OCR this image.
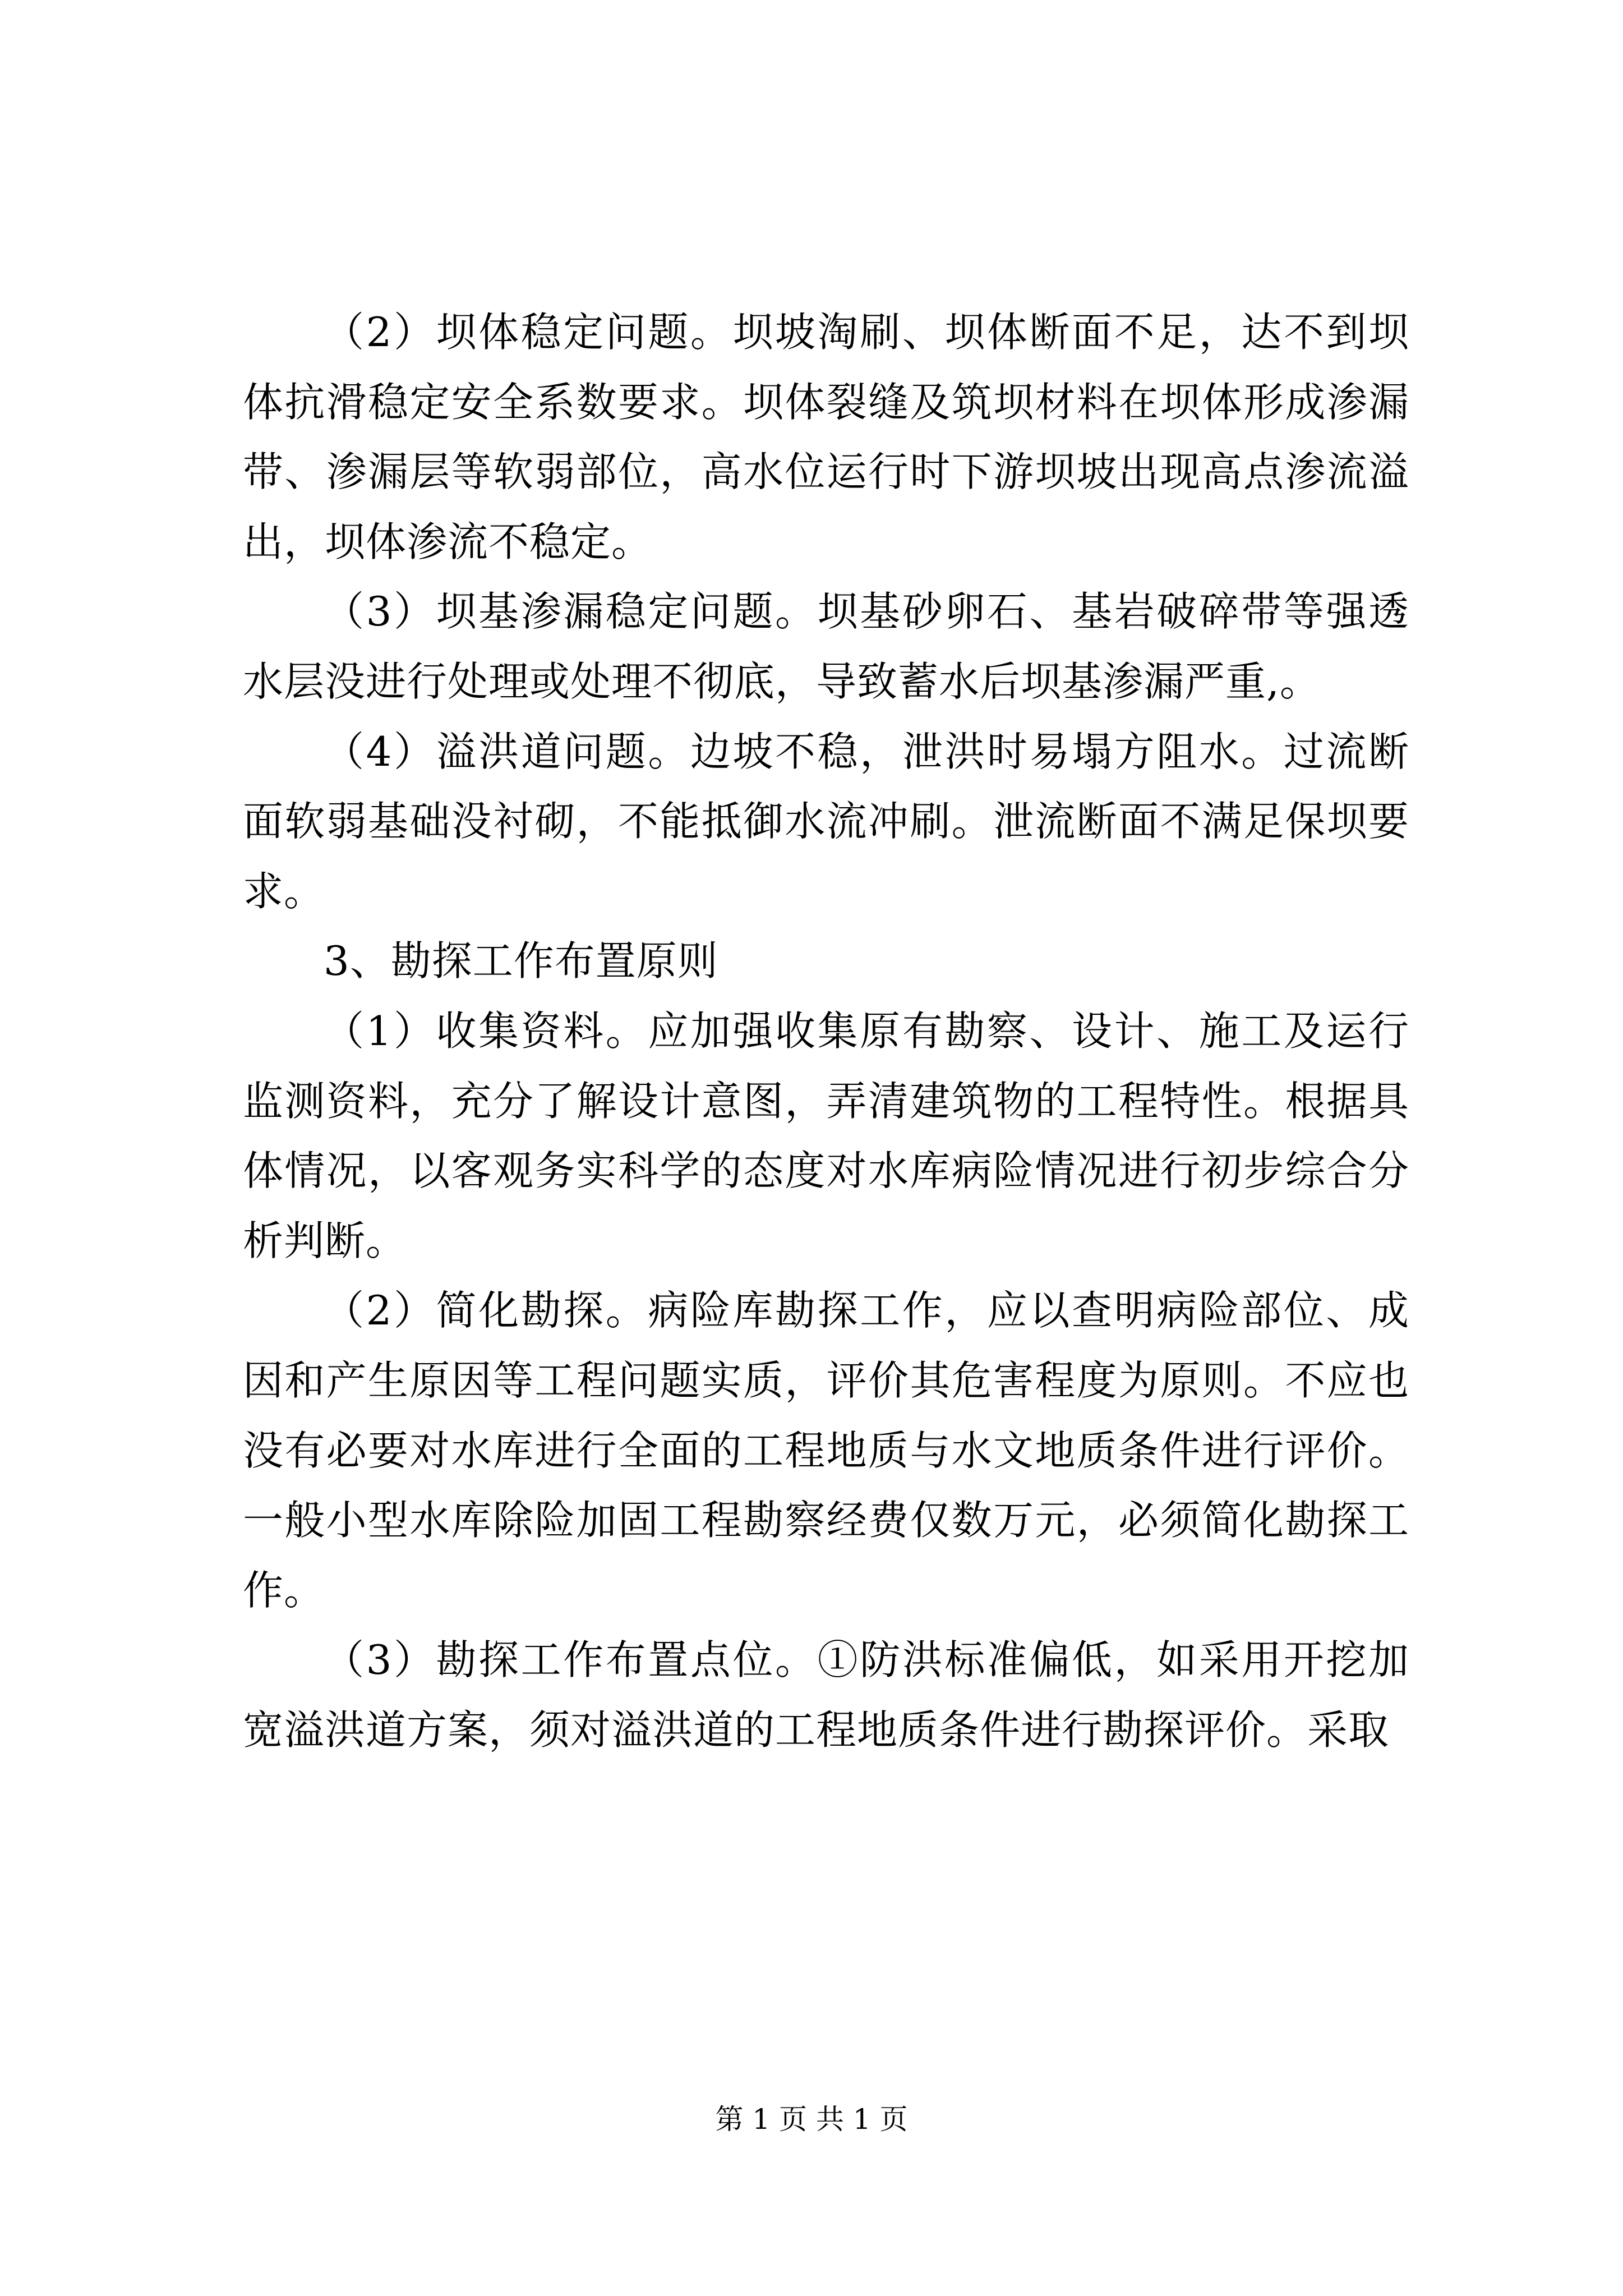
（2）坝体稳定问题。坝坡淘刷、坝体断面不足，达不到坝体抗滑稳定安全系数要求。坝体裂缝及筑坝材料在坝体形成渗漏带、渗漏层等软弱部位，高水位运行时下游坝坡出现高点渗流溢出，坝体渗流不稳定。

（3）坝基渗漏稳定问题。坝基砂卵石、基岩破碎带等强透水层没进行处理或处理不彻底，导致蓄水后坝基渗漏严重,。

（4）溢洪道问题。边坡不稳，泄洪时易塌方阻水。过流断面软弱基础没衬砌，不能抵御水流冲刷。泄流断面不满足保坝要求。

3、勘探工作布置原则

（1）收集资料。应加强收集原有勘察、设计、施工及运行监测资料，充分了解设计意图，弄清建筑物的工程特性。根据具体情况，以客观务实科学的态度对水库病险情况进行初步综合分析判断。

（2）简化勘探。病险库勘探工作，应以查明病险部位、成因和产生原因等工程问题实质，评价其危害程度为原则。不应也没有必要对水库进行全面的工程地质与水文地质条件进行评价。一般小型水库除险加固工程勘察经费仅数万元，必须简化勘探工作。

（3）勘探工作布置点位。①防洪标准偏低，如采用开挖加宽溢洪道方案，须对溢洪道的工程地质条件进行勘探评价。采取

第 1 页 共 1 页
